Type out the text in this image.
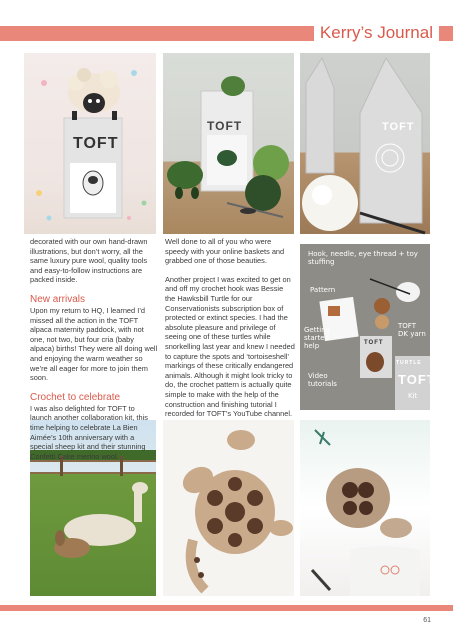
Kerry’s Journal
TOFT
TOFT	TOFT
Hook, needle, eye thread + toy stuffing
Pattern
Getting started help
TOFT DK yarn
Video tutorials
TOFT
TURTLE
TOFT
Kit

decorated with our own hand-drawn illustrations, but don’t worry, all the same luxury pure wool, quality tools and easy-to-follow instructions are packed inside.

New arrivals

Upon my return to HQ, I learned I’d missed all the action in the TOFT alpaca maternity paddock, with not one, not two, but four cria (baby alpaca) births! They were all doing well and enjoying the warm weather so we’re all eager for more to join them soon.

Crochet to celebrate

I was also delighted for TOFT to launch another collaboration kit, this time helping to celebrate La Bien Aimée’s 10th anniversary with a special sheep kit and their stunning Confetti Cake merino wool.

Well done to all of you who were speedy with your online baskets and grabbed one of those beauties.

Another project I was excited to get on and off my crochet hook was Bessie the Hawksbill Turtle for our Conservationists subscription box of protected or extinct species. I had the absolute pleasure and privilege of seeing one of these turtles while snorkelling last year and knew I needed to capture the spots and ‘tortoiseshell’ markings of these critically endangered animals. Although it might look tricky to do, the crochet pattern is actually quite simple to make with the help of the construction and finishing tutorial I recorded for TOFT’s YouTube channel.

61
